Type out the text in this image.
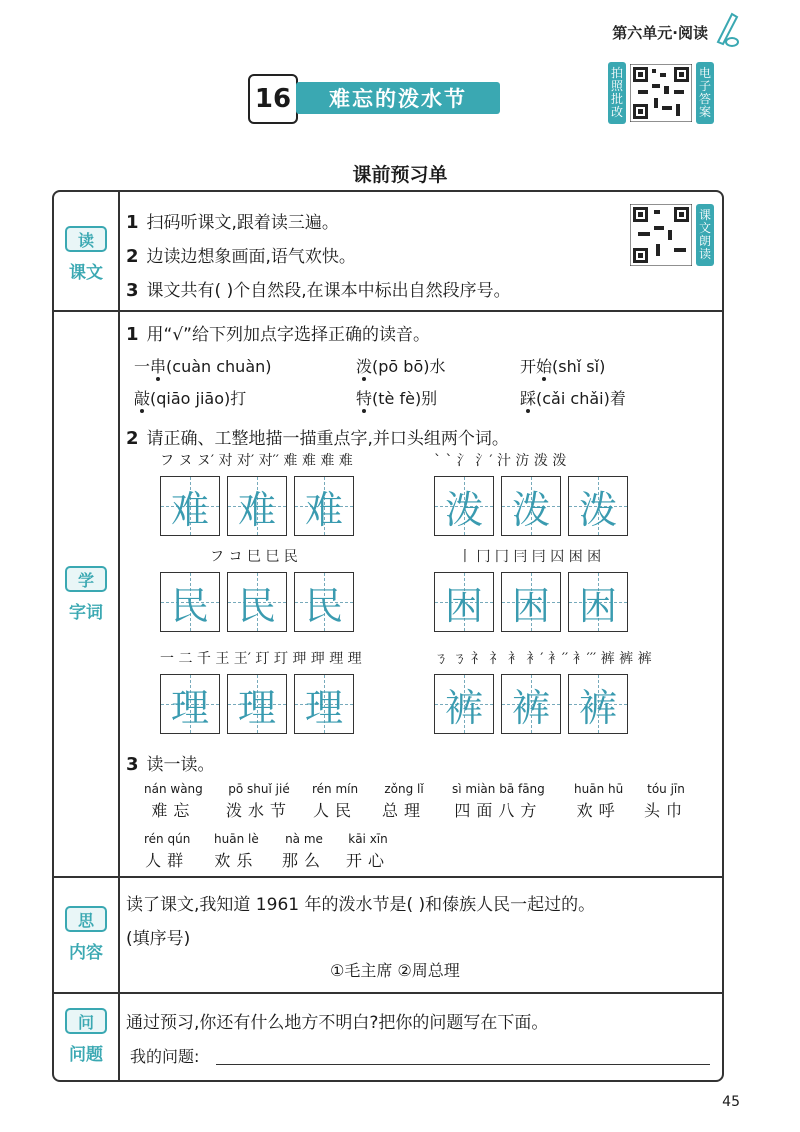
第六单元·阅读
16	难忘的泼水节
拍照批改
电子答案
课前预习单
读
课文
1 扫码听课文,跟着读三遍。
2 边读边想象画面,语气欢快。
3 课文共有( )个自然段,在课本中标出自然段序号。
课文朗读
学
字词
1 用“√”给下列加点字选择正确的读音。
一串(cuàn chuàn)	泼(pō bō)水	开始(shǐ sǐ)
敲(qiāo jiāo)打	特(tè fè)别	踩(cǎi chǎi)着
2 请正确、工整地描一描重点字,并口头组两个词。
フ ヌ ヌ′ 对 对′ 对′′ 难 难 难 难
难 难 难
` ` 氵 氵′ 汁 汸 泼 泼
泼 泼 泼
フ コ 巳 巳 民
民 民 民
丨 冂 冂 冃 冃 囚 困 困
困 困 困
一 二 千 王 王′ 玎 玎 玾 玾 理 理
理 理 理
ㄋ ㄋ 礻 礻 衤 衤′ 衤′′ 衤′′′ 裤 裤 裤
裤 裤 裤
3 读一读。
nán wàng
难忘
pō shuǐ jié
泼水节
rén mín
人民
zǒng lǐ
总理
sì miàn bā fāng
四面八方
huān hū
欢呼
tóu jīn
头巾
rén qún
人群
huān lè
欢乐
nà me
那么
kāi xīn
开心
思
内容
读了课文,我知道 1961 年的泼水节是( )和傣族人民一起过的。
(填序号)
①毛主席 ②周总理
问
问题
通过预习,你还有什么地方不明白?把你的问题写在下面。
我的问题:
45
